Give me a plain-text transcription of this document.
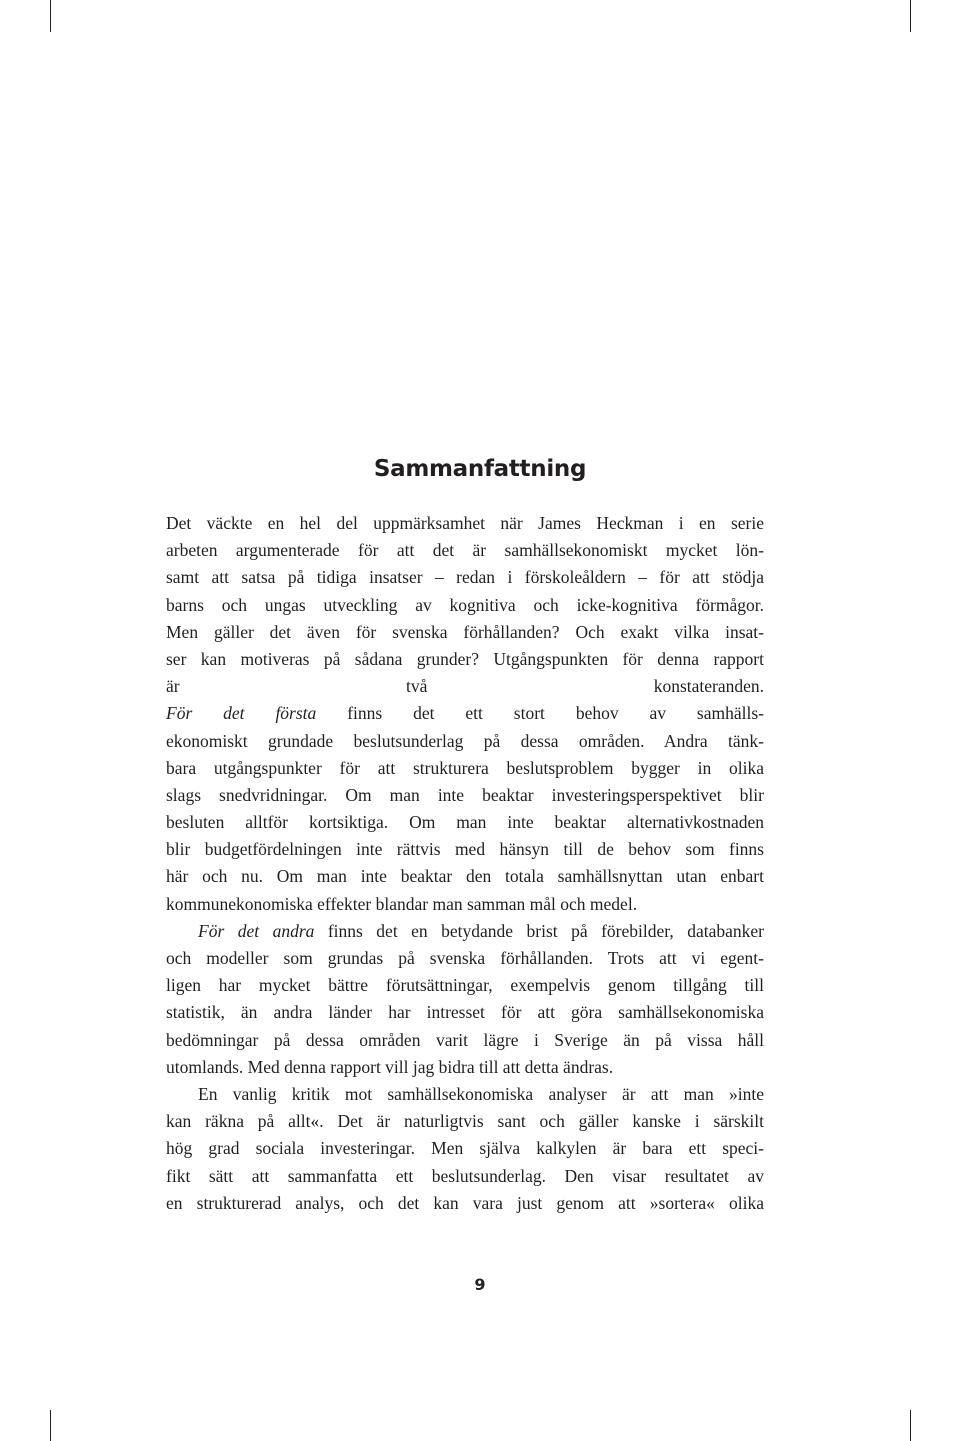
Sammanfattning
Det väckte en hel del uppmärksamhet när James Heckman i en serie
arbeten argumenterade för att det är samhällsekonomiskt mycket lön-
samt att satsa på tidiga insatser – redan i förskoleåldern – för att stödja
barns och ungas utveckling av kognitiva och icke-kognitiva förmågor.
Men gäller det även för svenska förhållanden? Och exakt vilka insat-
ser kan motiveras på sådana grunder? Utgångspunkten för denna rapport
är två konstateranden.
För det första finns det ett stort behov av samhälls-
ekonomiskt grundade beslutsunderlag på dessa områden. Andra tänk-
bara utgångspunkter för att strukturera beslutsproblem bygger in olika
slags snedvridningar. Om man inte beaktar investeringsperspektivet blir
besluten alltför kortsiktiga. Om man inte beaktar alternativkostnaden
blir budgetfördelningen inte rättvis med hänsyn till de behov som finns
här och nu. Om man inte beaktar den totala samhällsnyttan utan enbart
kommunekonomiska effekter blandar man samman mål och medel.
För det andra finns det en betydande brist på förebilder, databanker
och modeller som grundas på svenska förhållanden. Trots att vi egent-
ligen har mycket bättre förutsättningar, exempelvis genom tillgång till
statistik, än andra länder har intresset för att göra samhällsekonomiska
bedömningar på dessa områden varit lägre i Sverige än på vissa håll
utomlands. Med denna rapport vill jag bidra till att detta ändras.
En vanlig kritik mot samhällsekonomiska analyser är att man »inte
kan räkna på allt«. Det är naturligtvis sant och gäller kanske i särskilt
hög grad sociala investeringar. Men själva kalkylen är bara ett speci-
fikt sätt att sammanfatta ett beslutsunderlag. Den visar resultatet av
en strukturerad analys, och det kan vara just genom att »sortera« olika
9
